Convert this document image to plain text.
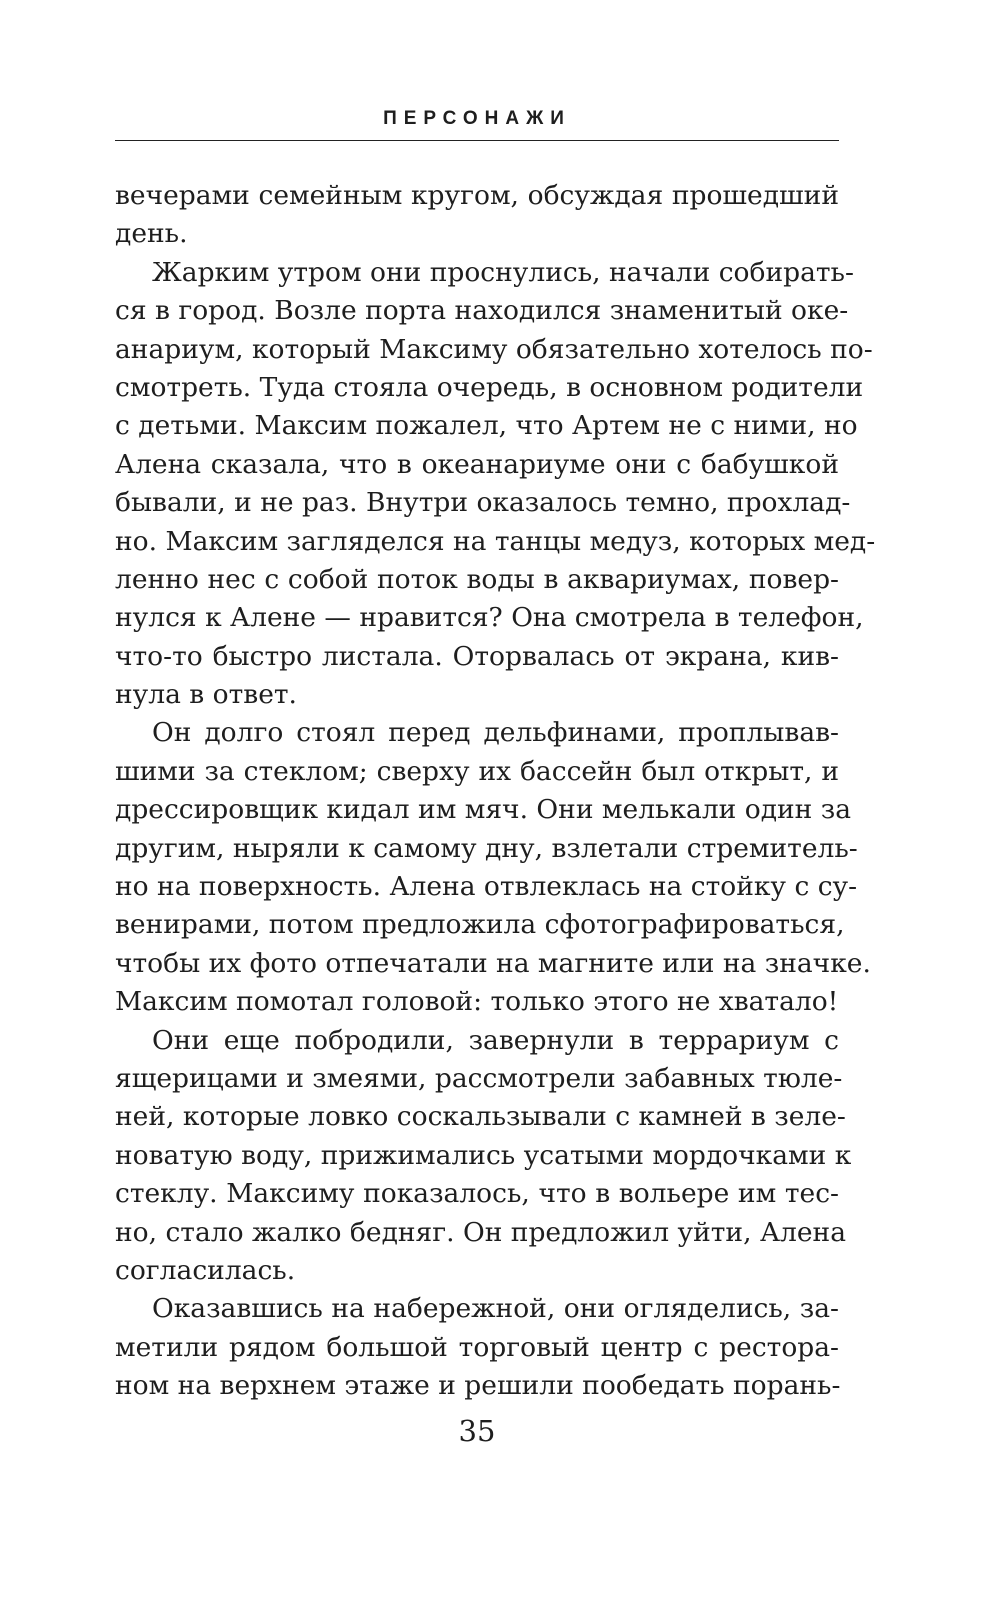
ПЕРСОНАЖИ

вечерами семейным кругом, обсуждая прошедший
день.

Жарким утром они проснулись, начали собирать-
ся в город. Возле порта находился знаменитый оке-
анариум, который Максиму обязательно хотелось по-
смотреть. Туда стояла очередь, в основном родители
с детьми. Максим пожалел, что Артем не с ними, но
Алена сказала, что в океанариуме они с бабушкой
бывали, и не раз. Внутри оказалось темно, прохлад-
но. Максим загляделся на танцы медуз, которых мед-
ленно нес с собой поток воды в аквариумах, повер-
нулся к Алене — нравится? Она смотрела в телефон,
что-то быстро листала. Оторвалась от экрана, кив-
нула в ответ.

Он долго стоял перед дельфинами, проплывав-
шими за стеклом; сверху их бассейн был открыт, и
дрессировщик кидал им мяч. Они мелькали один за
другим, ныряли к самому дну, взлетали стремитель-
но на поверхность. Алена отвлеклась на стойку с су-
венирами, потом предложила сфотографироваться,
чтобы их фото отпечатали на магните или на значке.
Максим помотал головой: только этого не хватало!

Они еще побродили, завернули в террариум с
ящерицами и змеями, рассмотрели забавных тюле-
ней, которые ловко соскальзывали с камней в зеле-
новатую воду, прижимались усатыми мордочками к
стеклу. Максиму показалось, что в вольере им тес-
но, стало жалко бедняг. Он предложил уйти, Алена
согласилась.

Оказавшись на набережной, они огляделись, за-
метили рядом большой торговый центр с рестора-
ном на верхнем этаже и решили пообедать порань-

35
